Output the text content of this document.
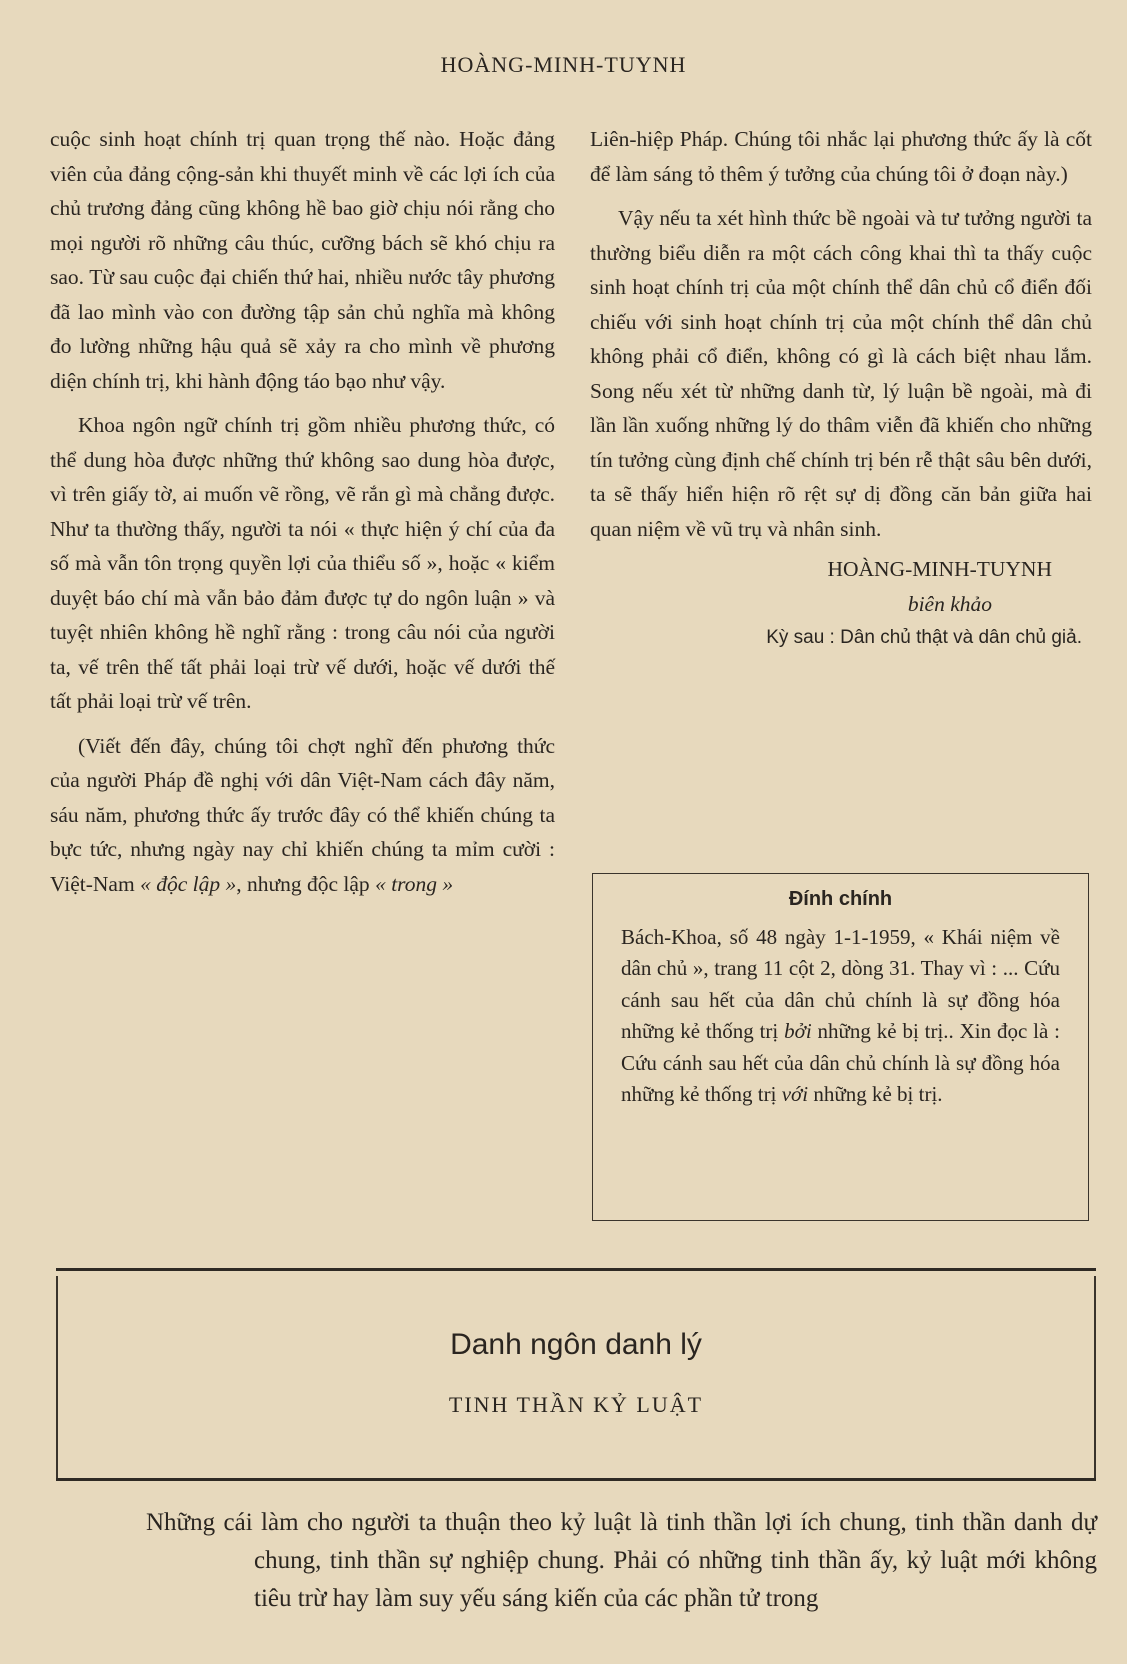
HOÀNG-MINH-TUYNH

cuộc sinh hoạt chính trị quan trọng thế nào. Hoặc đảng viên của đảng cộng-sản khi thuyết minh về các lợi ích của chủ trương đảng cũng không hề bao giờ chịu nói rằng cho mọi người rõ những câu thúc, cưỡng bách sẽ khó chịu ra sao. Từ sau cuộc đại chiến thứ hai, nhiều nước tây phương đã lao mình vào con đường tập sản chủ nghĩa mà không đo lường những hậu quả sẽ xảy ra cho mình về phương diện chính trị, khi hành động táo bạo như vậy.

Khoa ngôn ngữ chính trị gồm nhiều phương thức, có thể dung hòa được những thứ không sao dung hòa được, vì trên giấy tờ, ai muốn vẽ rồng, vẽ rắn gì mà chẳng được. Như ta thường thấy, người ta nói « thực hiện ý chí của đa số mà vẫn tôn trọng quyền lợi của thiểu số », hoặc « kiểm duyệt báo chí mà vẫn bảo đảm được tự do ngôn luận » và tuyệt nhiên không hề nghĩ rằng : trong câu nói của người ta, vế trên thế tất phải loại trừ vế dưới, hoặc vế dưới thế tất phải loại trừ vế trên.

(Viết đến đây, chúng tôi chợt nghĩ đến phương thức của người Pháp đề nghị với dân Việt-Nam cách đây năm, sáu năm, phương thức ấy trước đây có thể khiến chúng ta bực tức, nhưng ngày nay chỉ khiến chúng ta mỉm cười : Việt-Nam « độc lập », nhưng độc lập « trong »

Liên-hiệp Pháp. Chúng tôi nhắc lại phương thức ấy là cốt để làm sáng tỏ thêm ý tưởng của chúng tôi ở đoạn này.)

Vậy nếu ta xét hình thức bề ngoài và tư tưởng người ta thường biểu diễn ra một cách công khai thì ta thấy cuộc sinh hoạt chính trị của một chính thể dân chủ cổ điển đối chiếu với sinh hoạt chính trị của một chính thể dân chủ không phải cổ điển, không có gì là cách biệt nhau lắm. Song nếu xét từ những danh từ, lý luận bề ngoài, mà đi lần lần xuống những lý do thâm viễn đã khiến cho những tín tưởng cùng định chế chính trị bén rễ thật sâu bên dưới, ta sẽ thấy hiển hiện rõ rệt sự dị đồng căn bản giữa hai quan niệm về vũ trụ và nhân sinh.

HOÀNG-MINH-TUYNH

biên khảo

Kỳ sau : Dân chủ thật và dân chủ giả.

Đính chính
Bách-Khoa, số 48 ngày 1-1-1959, « Khái niệm về dân chủ », trang 11 cột 2, dòng 31. Thay vì : ... Cứu cánh sau hết của dân chủ chính là sự đồng hóa những kẻ thống trị bởi những kẻ bị trị.. Xin đọc là : Cứu cánh sau hết của dân chủ chính là sự đồng hóa những kẻ thống trị với những kẻ bị trị.
Danh ngôn danh lý
TINH THẦN KỶ LUẬT
Những cái làm cho người ta thuận theo kỷ luật là tinh thần lợi ích chung, tinh thần danh dự chung, tinh thần sự nghiệp chung. Phải có những tinh thần ấy, kỷ luật mới không tiêu trừ hay làm suy yếu sáng kiến của các phần tử trong
